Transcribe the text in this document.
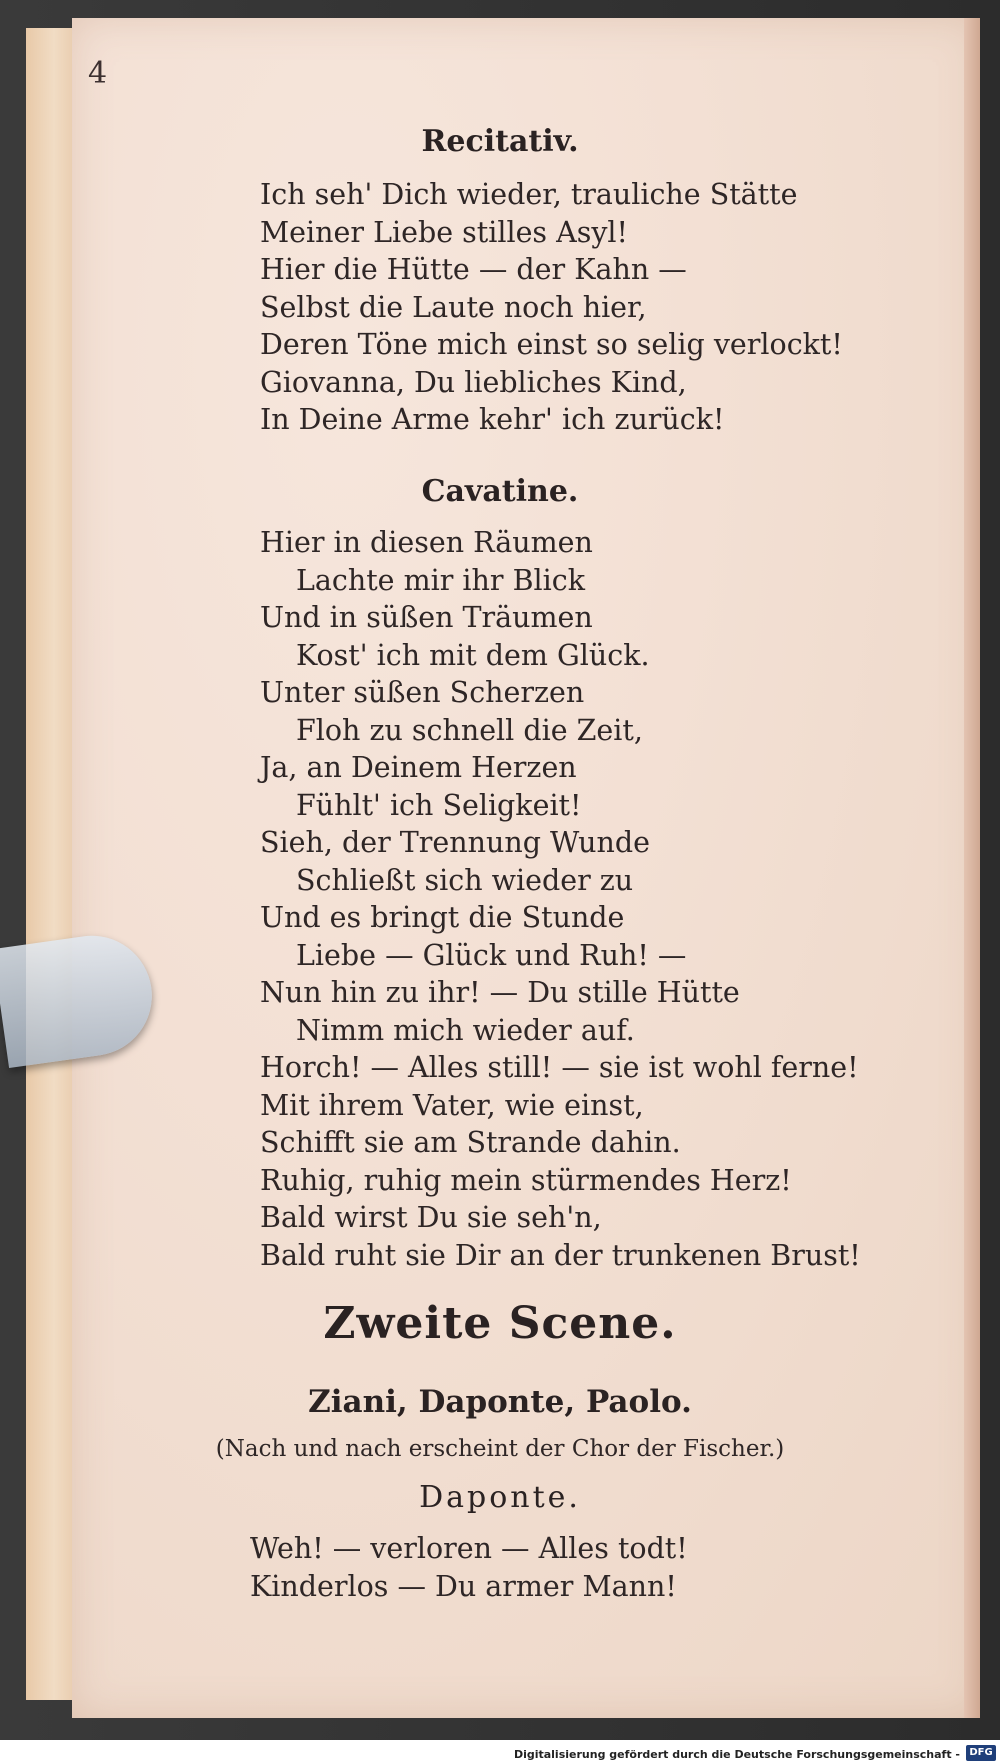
4
Recitativ.
Ich seh' Dich wieder, trauliche Stätte
Meiner Liebe stilles Asyl!
Hier die Hütte — der Kahn —
Selbst die Laute noch hier,
Deren Töne mich einst so selig verlockt!
Giovanna, Du liebliches Kind,
In Deine Arme kehr' ich zurück!
Cavatine.
Hier in diesen Räumen
Lachte mir ihr Blick
Und in süßen Träumen
Kost' ich mit dem Glück.
Unter süßen Scherzen
Floh zu schnell die Zeit,
Ja, an Deinem Herzen
Fühlt' ich Seligkeit!
Sieh, der Trennung Wunde
Schließt sich wieder zu
Und es bringt die Stunde
Liebe — Glück und Ruh! —
Nun hin zu ihr! — Du stille Hütte
Nimm mich wieder auf.
Horch! — Alles still! — sie ist wohl ferne!
Mit ihrem Vater, wie einst,
Schifft sie am Strande dahin.
Ruhig, ruhig mein stürmendes Herz!
Bald wirst Du sie seh'n,
Bald ruht sie Dir an der trunkenen Brust!
Zweite Scene.
Ziani, Daponte, Paolo.
(Nach und nach erscheint der Chor der Fischer.)
Daponte.
Weh! — verloren — Alles todt!
Kinderlos — Du armer Mann!
Digitalisierung gefördert durch die Deutsche Forschungsgemeinschaft - DFG
